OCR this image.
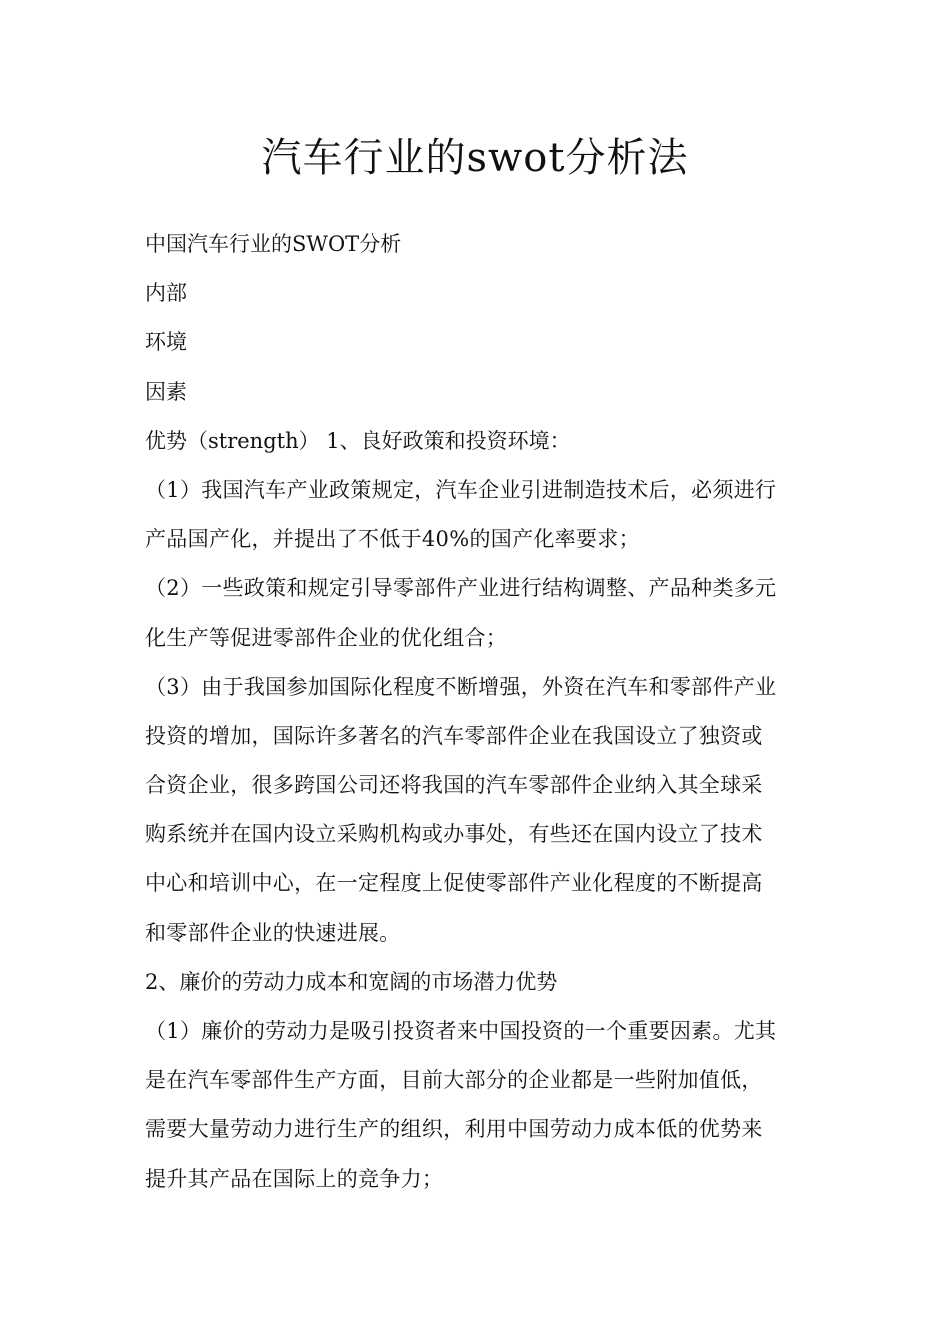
汽车行业的swot分析法

中国汽车行业的SWOT分析

内部

环境

因素

优势（strength） 1、良好政策和投资环境：

（1）我国汽车产业政策规定，汽车企业引进制造技术后，必须进行

产品国产化，并提出了不低于40%的国产化率要求；

（2）一些政策和规定引导零部件产业进行结构调整、产品种类多元

化生产等促进零部件企业的优化组合；

（3）由于我国参加国际化程度不断增强，外资在汽车和零部件产业

投资的增加，国际许多著名的汽车零部件企业在我国设立了独资或

合资企业，很多跨国公司还将我国的汽车零部件企业纳入其全球采

购系统并在国内设立采购机构或办事处，有些还在国内设立了技术

中心和培训中心，在一定程度上促使零部件产业化程度的不断提高

和零部件企业的快速进展。

2、廉价的劳动力成本和宽阔的市场潜力优势

（1）廉价的劳动力是吸引投资者来中国投资的一个重要因素。尤其

是在汽车零部件生产方面，目前大部分的企业都是一些附加值低，

需要大量劳动力进行生产的组织，利用中国劳动力成本低的优势来

提升其产品在国际上的竞争力；
